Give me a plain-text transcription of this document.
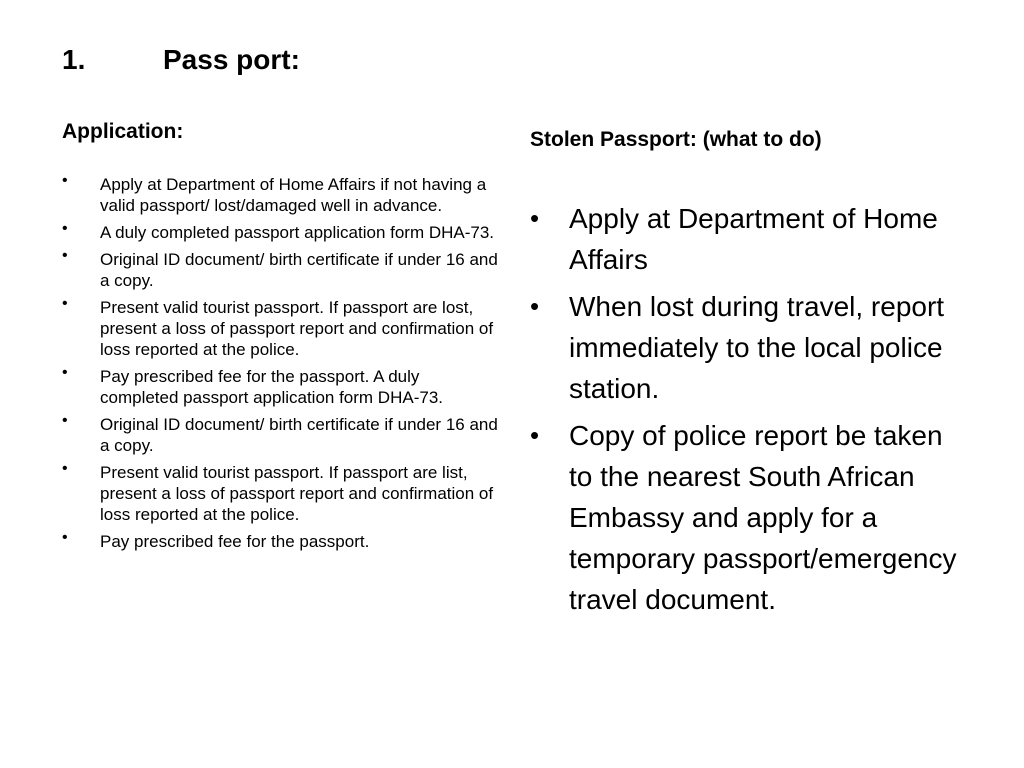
1.	Pass port:

Application:

• Apply at Department of Home Affairs if not having a valid passport/ lost/damaged well in advance.
• A duly completed passport application form DHA-73.
• Original ID document/ birth certificate if under 16 and a copy.
• Present valid tourist passport. If passport are lost, present a loss of passport report and confirmation of loss reported at the police.
• Pay prescribed fee for the passport. A duly completed passport application form DHA-73.
• Original ID document/ birth certificate if under 16 and a copy.
• Present valid tourist passport. If passport are list, present a loss of passport report and confirmation of loss reported at the police.
• Pay prescribed fee for the passport.

Stolen Passport: (what to do)

• Apply at Department of Home Affairs
• When lost during travel, report immediately to the local police station.
• Copy of police report be taken to the nearest South African Embassy and apply for a temporary passport/emergency travel document.
